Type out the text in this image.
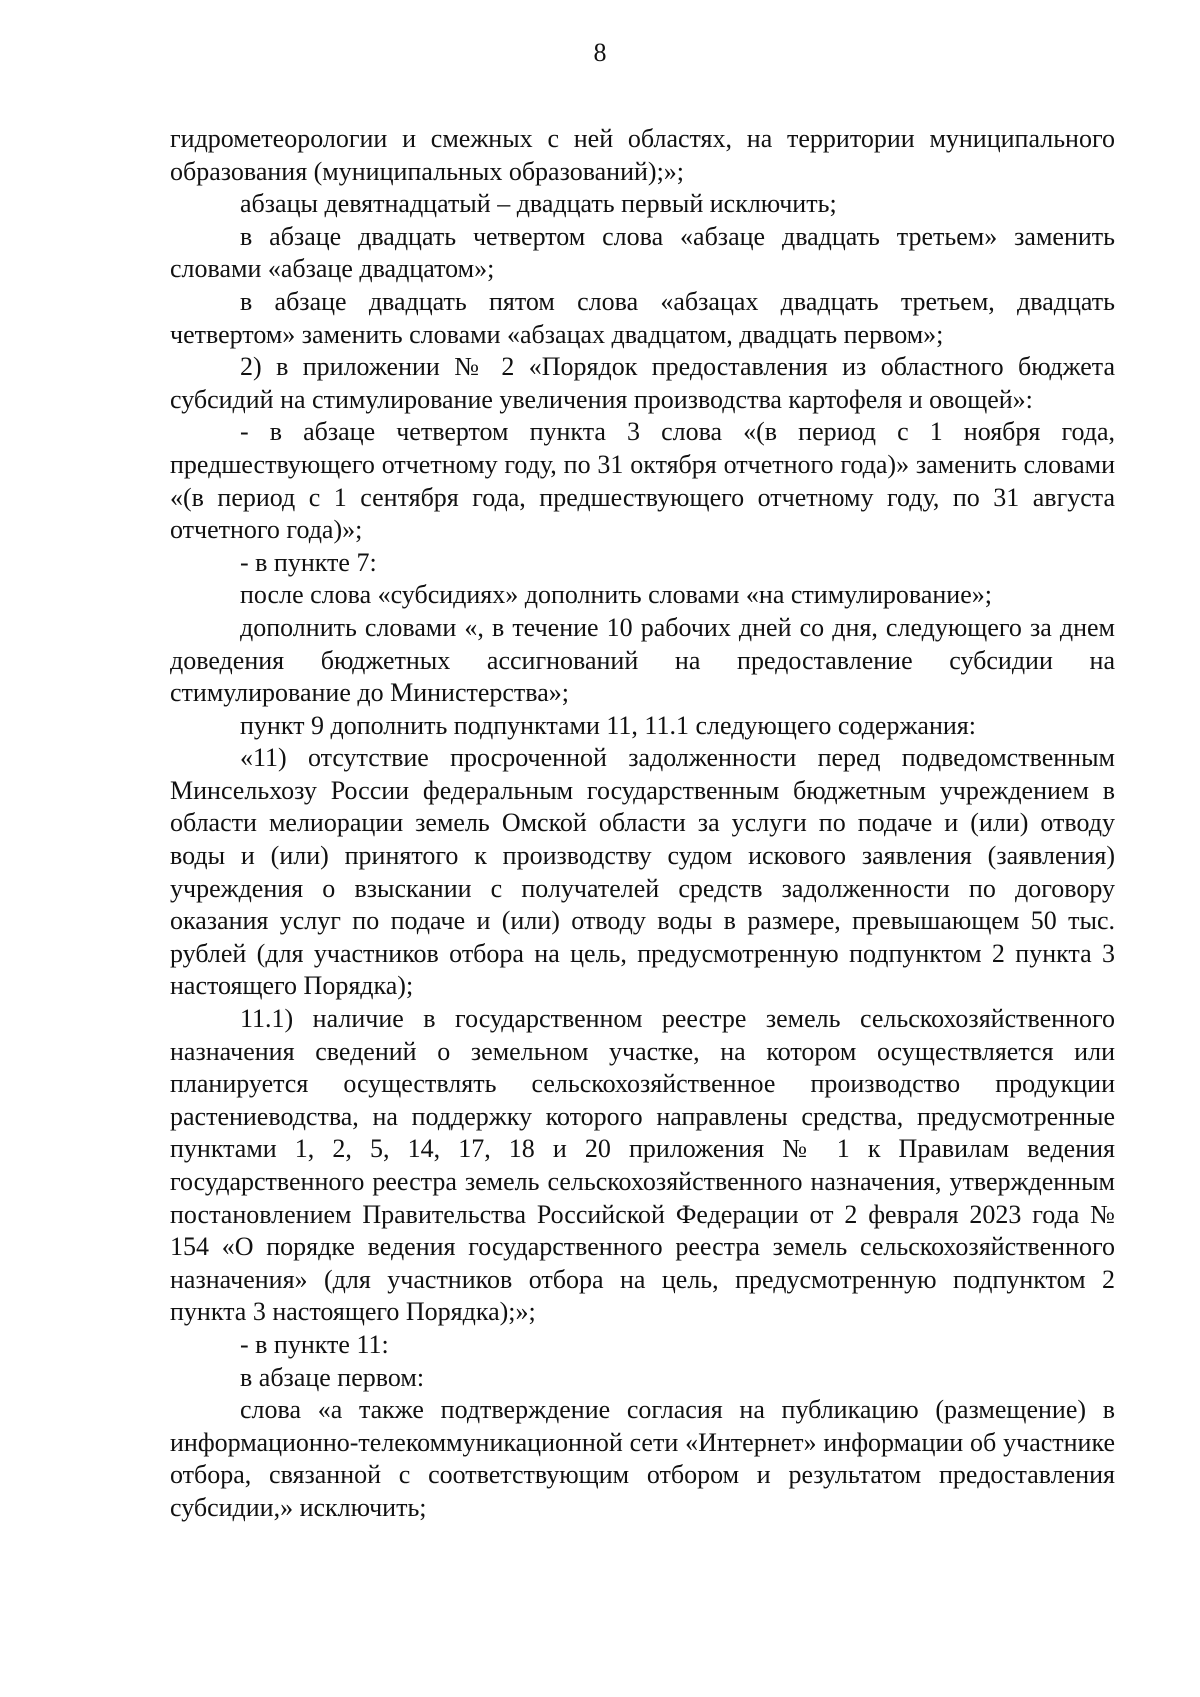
8

гидрометеорологии и смежных с ней областях, на территории муниципального образования (муниципальных образований);»;

абзацы девятнадцатый – двадцать первый исключить;

в абзаце двадцать четвертом слова «абзаце двадцать третьем» заменить словами «абзаце двадцатом»;

в абзаце двадцать пятом слова «абзацах двадцать третьем, двадцать четвертом» заменить словами «абзацах двадцатом, двадцать первом»;

2) в приложении № 2 «Порядок предоставления из областного бюджета субсидий на стимулирование увеличения производства картофеля и овощей»:

- в абзаце четвертом пункта 3 слова «(в период с 1 ноября года, предшествующего отчетному году, по 31 октября отчетного года)» заменить словами «(в период с 1 сентября года, предшествующего отчетному году, по 31 августа отчетного года)»;

- в пункте 7:

после слова «субсидиях» дополнить словами «на стимулирование»;

дополнить словами «, в течение 10 рабочих дней со дня, следующего за днем доведения бюджетных ассигнований на предоставление субсидии на стимулирование до Министерства»;

пункт 9 дополнить подпунктами 11, 11.1 следующего содержания:

«11) отсутствие просроченной задолженности перед подведомственным Минсельхозу России федеральным государственным бюджетным учреждением в области мелиорации земель Омской области за услуги по подаче и (или) отводу воды и (или) принятого к производству судом искового заявления (заявления) учреждения о взыскании с получателей средств задолженности по договору оказания услуг по подаче и (или) отводу воды в размере, превышающем 50 тыс. рублей (для участников отбора на цель, предусмотренную подпунктом 2 пункта 3 настоящего Порядка);

11.1) наличие в государственном реестре земель сельскохозяйственного назначения сведений о земельном участке, на котором осуществляется или планируется осуществлять сельскохозяйственное производство продукции растениеводства, на поддержку которого направлены средства, предусмотренные пунктами 1, 2, 5, 14, 17, 18 и 20 приложения № 1 к Правилам ведения государственного реестра земель сельскохозяйственного назначения, утвержденным постановлением Правительства Российской Федерации от 2 февраля 2023 года № 154 «О порядке ведения государственного реестра земель сельскохозяйственного назначения» (для участников отбора на цель, предусмотренную подпунктом 2 пункта 3 настоящего Порядка);»;

- в пункте 11:

в абзаце первом:

слова «а также подтверждение согласия на публикацию (размещение) в информационно-телекоммуникационной сети «Интернет» информации об участнике отбора, связанной с соответствующим отбором и результатом предоставления субсидии,» исключить;
